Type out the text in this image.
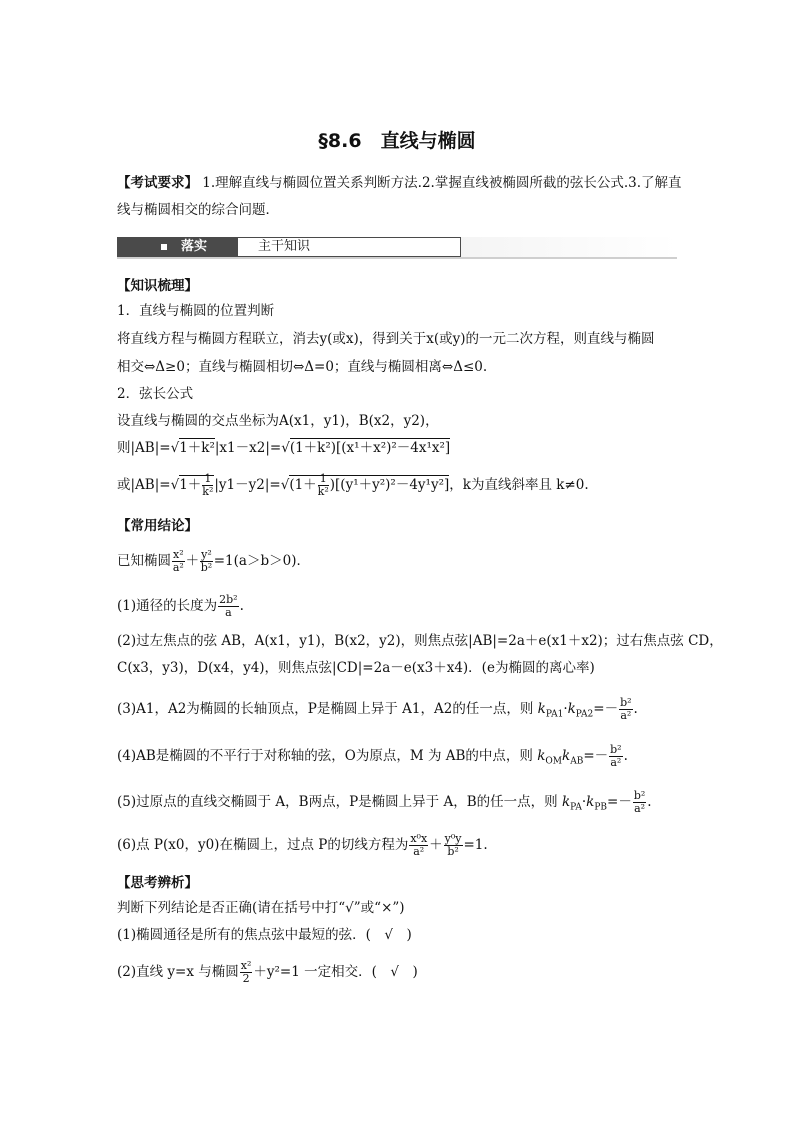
§8.6　直线与椭圆
【考试要求】 1.理解直线与椭圆位置关系判断方法.2.掌握直线被椭圆所截的弦长公式.3.了解直线与椭圆相交的综合问题．
落实	主干知识
【知识梳理】
1．直线与椭圆的位置判断
将直线方程与椭圆方程联立，消去y(或x)，得到关于x(或y)的一元二次方程，则直线与椭圆
相交⇔Δ≥0；直线与椭圆相切⇔Δ=0；直线与椭圆相离⇔Δ≤0.
2．弦长公式
设直线与椭圆的交点坐标为A(x1，y1)，B(x2，y2)，
则|AB|=√1＋k²|x1－x2|=√(1＋k²)[(x¹＋x²)²－4x¹x²]
或$|AB|=√1+ \frac{1}{\text{k²}} |y1-y2|=√(1+ \frac{1}{\text{k²}} )[(y^1+y^2)^2-4y^1y^2]$，k为直线斜率且 k≠0.
【常用结论】
已知椭圆 $\frac{\text{x²}}{\text{a²}} + \frac{\text{y²}}{\text{b²}} =1(a>b>0)$．
(1)通径的长度为 $\frac{\text{2b²}}{a}$ .
(2)过左焦点的弦 AB，A(x1，y1)，B(x2，y2)，则焦点弦|AB|=2a＋e(x1＋x2)；过右焦点弦 CD，
C(x3，y3)，D(x4，y4)，则焦点弦|CD|=2a－e(x3＋x4)．(e为椭圆的离心率)
(3)A1，A2为椭圆的长轴顶点，P是椭圆上异于 A1，A2的任一点，则 $k_{PA1}\cdot k_{PA2}=- \frac{\text{b²}}{\text{a²}}$ .
(4)AB是椭圆的不平行于对称轴的弦，O为原点，M 为 AB的中点，则 $k_{OM}k_{AB}=- \frac{\text{b²}}{\text{a²}}$ .
(5)过原点的直线交椭圆于 A，B两点，P是椭圆上异于 A，B的任一点，则 $k_{PA}\cdot k_{PB}=- \frac{\text{b²}}{\text{a²}}$ .
(6)点 P(x0，y0)在椭圆上，过点 P的切线方程为 $\frac{\text{x⁰x}}{\text{a²}} + \frac{\text{y⁰y}}{\text{b²}} =1$.
【思考辨析】
判断下列结论是否正确(请在括号中打“√”或“×”)
(1)椭圆通径是所有的焦点弦中最短的弦．(　√　)
(2)直线 y=x 与椭圆 $\frac{\text{x²}}{2} +y^2=1$ 一定相交．(　√　)
